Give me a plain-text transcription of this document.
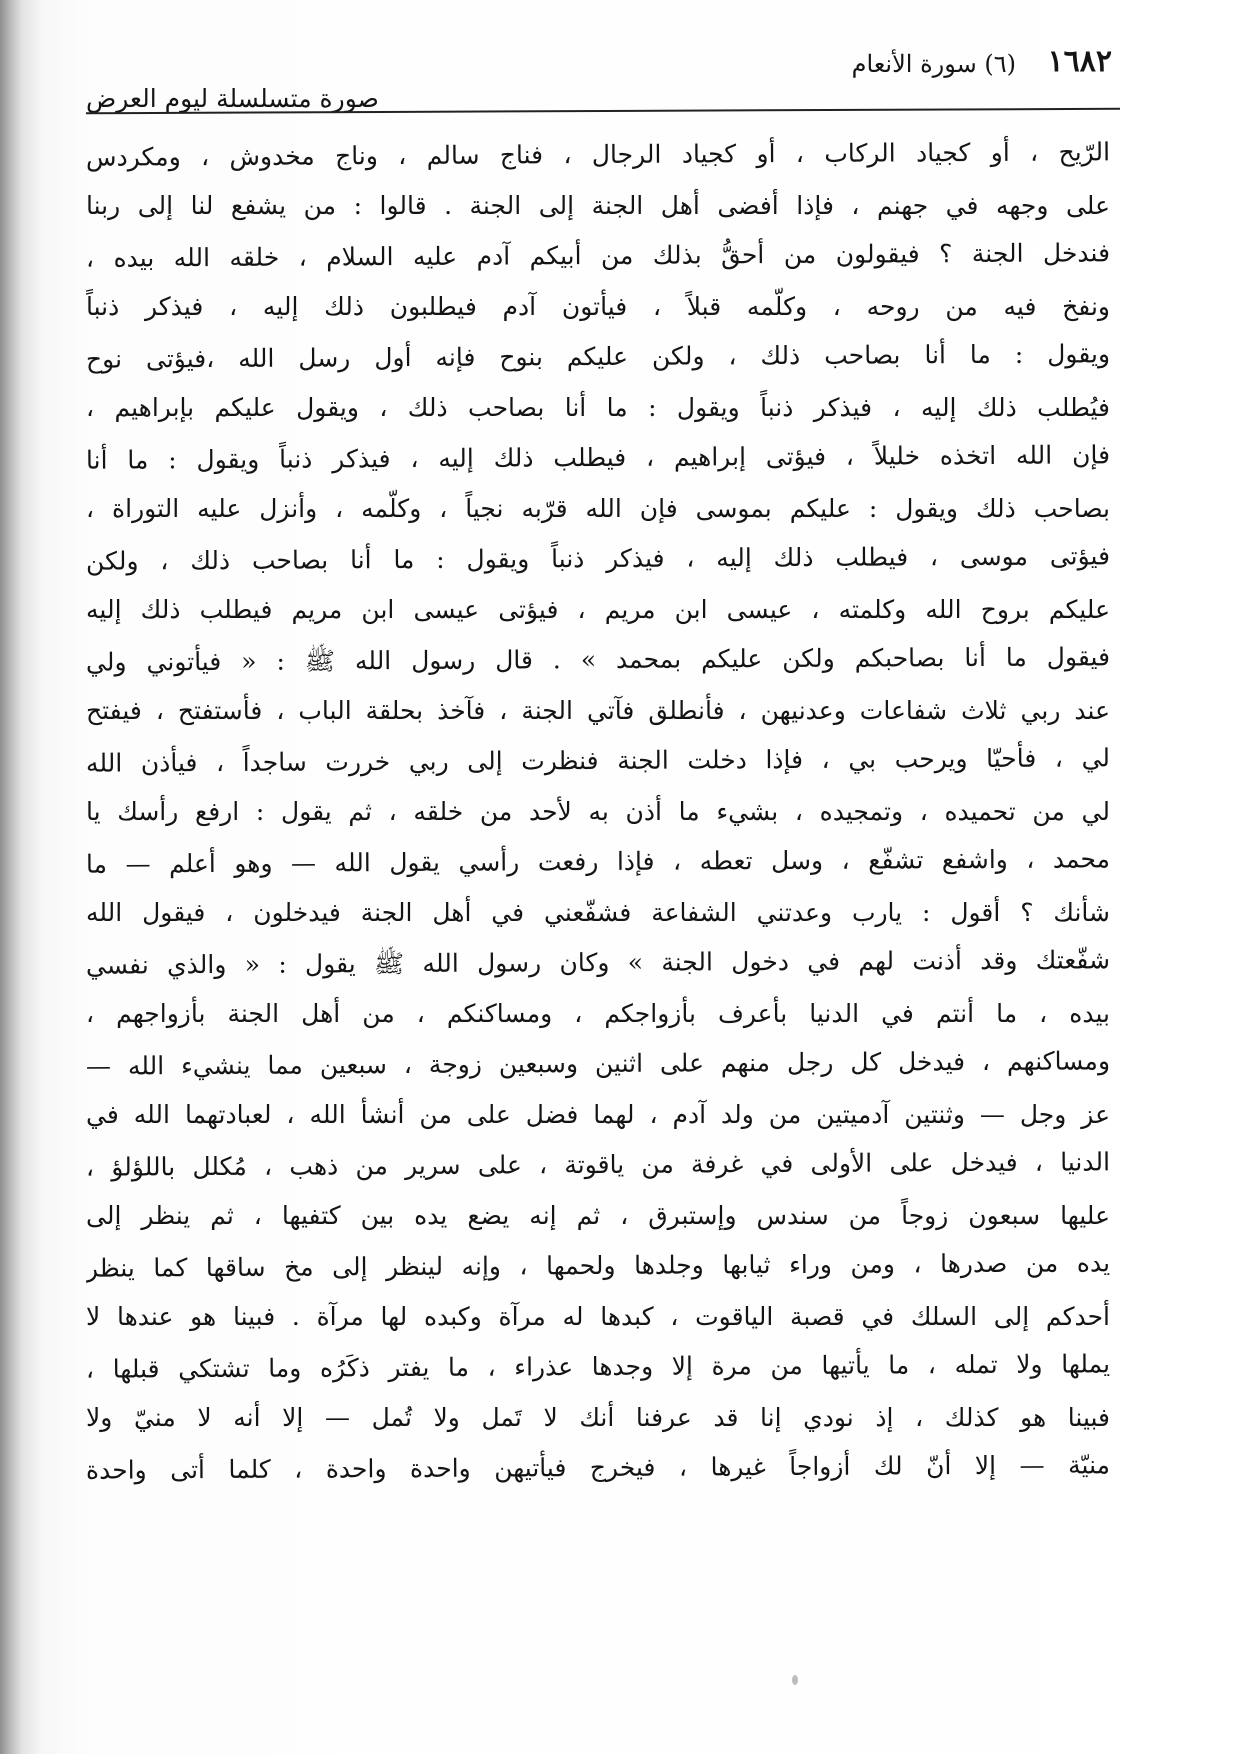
١٦٨٢
(٦) سورة الأنعام
صورة متسلسلة ليوم العرض
الرّيح ، أو كجياد الركاب ، أو كجياد الرجال ، فناج سالم ، وناج مخدوش ، ومكردس
على وجهه في جهنم ، فإذا أفضى أهل الجنة إلى الجنة . قالوا : من يشفع لنا إلى ربنا
فندخل الجنة ؟ فيقولون من أحقُّ بذلك من أبيكم آدم عليه السلام ، خلقه الله بيده ،
ونفخ فيه من روحه ، وكلّمه قبلاً ، فيأتون آدم فيطلبون ذلك إليه ، فيذكر ذنباً
ويقول : ما أنا بصاحب ذلك ، ولكن عليكم بنوح فإنه أول رسل الله ،فيؤتى نوح
فيُطلب ذلك إليه ، فيذكر ذنباً ويقول : ما أنا بصاحب ذلك ، ويقول عليكم بإبراهيم ،
فإن الله اتخذه خليلاً ، فيؤتى إبراهيم ، فيطلب ذلك إليه ، فيذكر ذنباً ويقول : ما أنا
بصاحب ذلك ويقول : عليكم بموسى فإن الله قرّبه نجياً ، وكلّمه ، وأنزل عليه التوراة ،
فيؤتى موسى ، فيطلب ذلك إليه ، فيذكر ذنباً ويقول : ما أنا بصاحب ذلك ، ولكن
عليكم بروح الله وكلمته ، عيسى ابن مريم ، فيؤتى عيسى ابن مريم فيطلب ذلك إليه
فيقول ما أنا بصاحبكم ولكن عليكم بمحمد » . قال رسول الله ﷺ : « فيأتوني ولي
عند ربي ثلاث شفاعات وعدنيهن ، فأنطلق فآتي الجنة ، فآخذ بحلقة الباب ، فأستفتح ، فيفتح
لي ، فأحيّا ويرحب بي ، فإذا دخلت الجنة فنظرت إلى ربي خررت ساجداً ، فيأذن الله
لي من تحميده ، وتمجيده ، بشيء ما أذن به لأحد من خلقه ، ثم يقول : ارفع رأسك يا
محمد ، واشفع تشفّع ، وسل تعطه ، فإذا رفعت رأسي يقول الله — وهو أعلم — ما
شأنك ؟ أقول : يارب وعدتني الشفاعة فشفّعني في أهل الجنة فيدخلون ، فيقول الله
شفّعتك وقد أذنت لهم في دخول الجنة » وكان رسول الله ﷺ يقول : « والذي نفسي
بيده ، ما أنتم في الدنيا بأعرف بأزواجكم ، ومساكنكم ، من أهل الجنة بأزواجهم ،
ومساكنهم ، فيدخل كل رجل منهم على اثنين وسبعين زوجة ، سبعين مما ينشيء الله —
عز وجل — وثنتين آدميتين من ولد آدم ، لهما فضل على من أنشأ الله ، لعبادتهما الله في
الدنيا ، فيدخل على الأولى في غرفة من ياقوتة ، على سرير من ذهب ، مُكلل باللؤلؤ ،
عليها سبعون زوجاً من سندس وإستبرق ، ثم إنه يضع يده بين كتفيها ، ثم ينظر إلى
يده من صدرها ، ومن وراء ثيابها وجلدها ولحمها ، وإنه لينظر إلى مخ ساقها كما ينظر
أحدكم إلى السلك في قصبة الياقوت ، كبدها له مرآة وكبده لها مرآة . فبينا هو عندها لا
يملها ولا تمله ، ما يأتيها من مرة إلا وجدها عذراء ، ما يفتر ذكَرُه وما تشتكي قبلها ،
فبينا هو كذلك ، إذ نودي إنا قد عرفنا أنك لا تَمل ولا تُمل — إلا أنه لا منيّ ولا
منيّة — إلا أنّ لك أزواجاً غيرها ، فيخرج فيأتيهن واحدة واحدة ، كلما أتى واحدة
